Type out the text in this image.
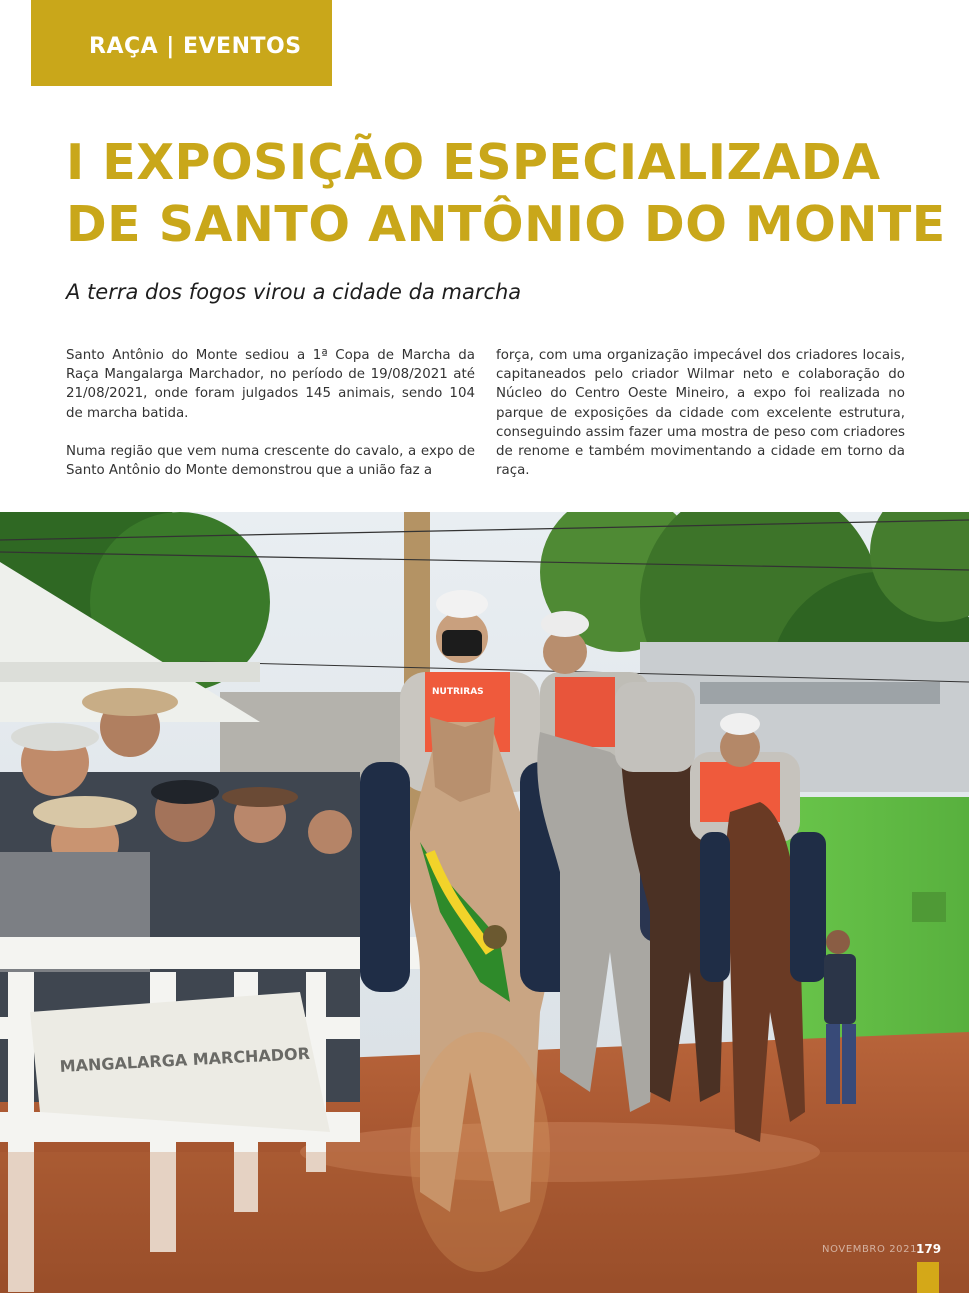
RAÇA | EVENTOS
I EXPOSIÇÃO ESPECIALIZADA
DE SANTO ANTÔNIO DO MONTE
A terra dos fogos virou a cidade da marcha

Santo Antônio do Monte sediou a 1ª Copa de Marcha da Raça Mangalarga Marchador, no período de 19/08/2021 até 21/08/2021, onde foram julgados 145 animais, sendo 104 de marcha batida.

Numa região que vem numa crescente do cavalo, a expo de Santo Antônio do Monte demonstrou que a união faz a

força, com uma organização impecável dos criadores locais, capitaneados pelo criador Wilmar neto e colaboração do Núcleo do Centro Oeste Mineiro, a expo foi realizada no parque de exposições da cidade com excelente estrutura, conseguindo assim fazer uma mostra de peso com criadores de renome e também movimentando a cidade em torno da raça.

MANGALARGA MARCHADOR
NUTRIRAS
NOVEMBRO 2021
179
